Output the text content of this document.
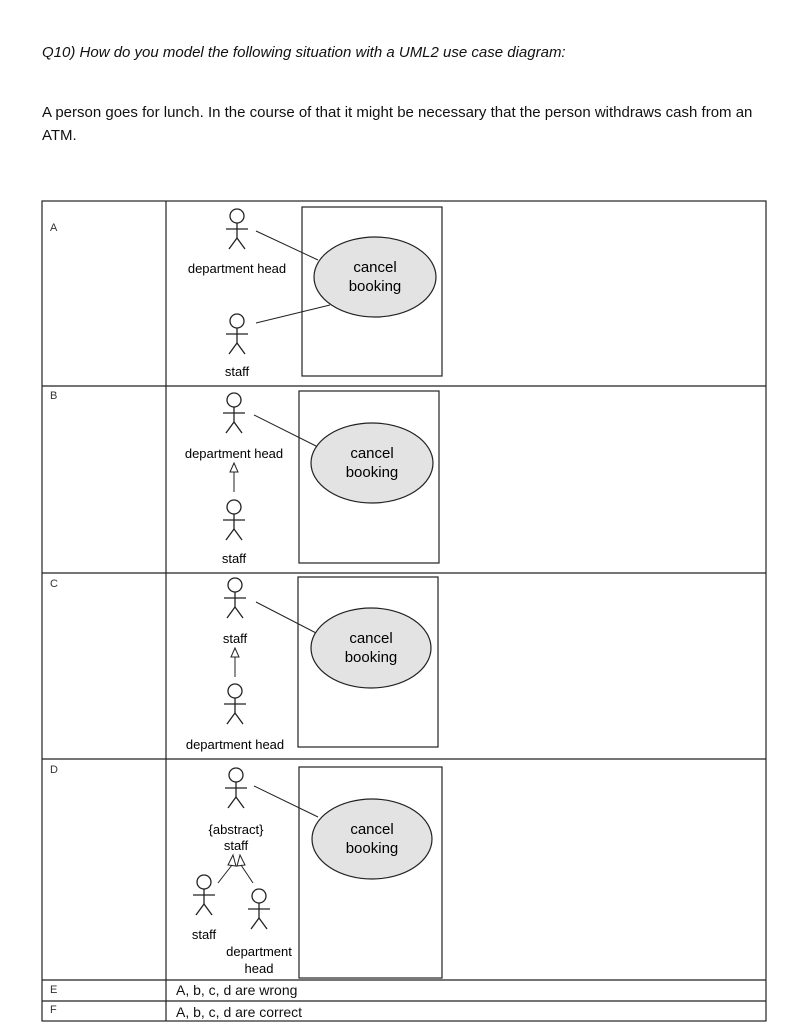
Q10) How do you model the following situation with a UML2 use case diagram:
A person goes for lunch. In the course of that it might be necessary that the person withdraws cash from an ATM.
department head
staff
cancel
booking
department head
staff
cancel
booking
staff
department head
cancel
booking
{abstract}
staff
staff
department
head
cancel
booking
A
B
C
D
E
F
A, b, c, d are wrong
A, b, c, d are correct
